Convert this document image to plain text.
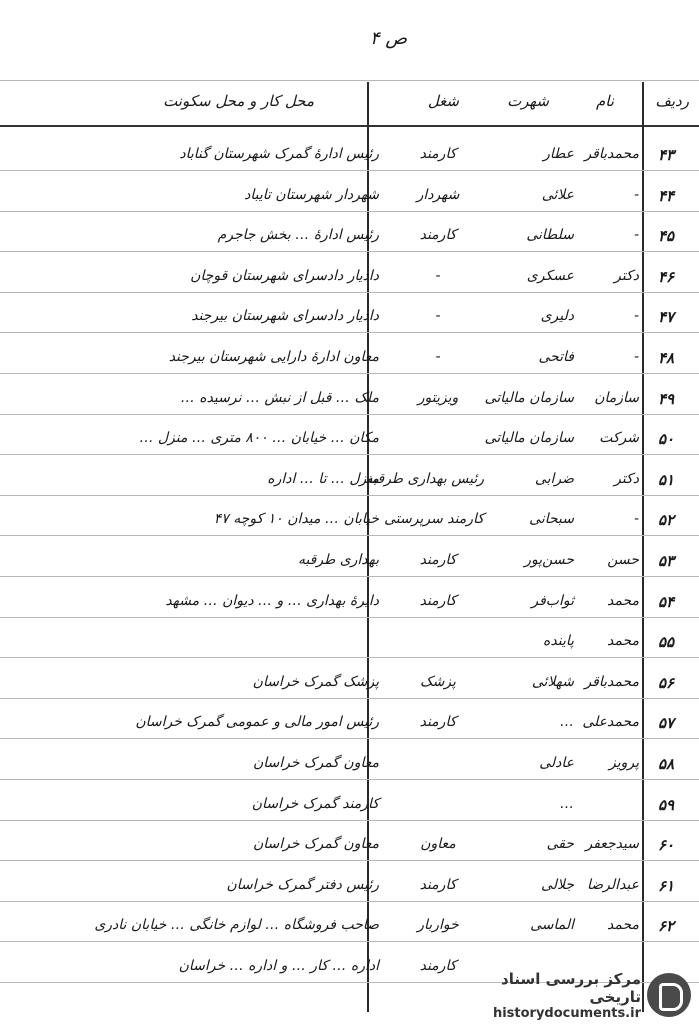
ص ۴
ردیف
نام
شهرت
شغل
محل کار و محل سکونت
۴۳
محمدباقر
عطار
کارمند
رئیس ادارهٔ گمرک شهرستان گناباد
۴۴
-
علائی
شهردار
شهردار شهرستان تایباد
۴۵
-
سلطانی
کارمند
رئیس ادارهٔ … بخش جاجرم
۴۶
دکتر
عسکری
-
دادیار دادسرای شهرستان قوچان
۴۷
-
دلیری
-
دادیار دادسرای شهرستان بیرجند
۴۸
-
فاتحی
-
معاون ادارهٔ دارایی شهرستان بیرجند
۴۹
سازمان
سازمان مالیاتی
ویزیتور
ملک … قبل از نبش … نرسیده …
۵۰
شرکت
سازمان مالیاتی
مکان … خیابان … ۸۰۰ متری … منزل …
۵۱
دکتر
ضرابی
رئیس بهداری طرقبه
منزل … تا … اداره
۵۲
-
سبحانی
کارمند سرپرستی
خیابان … میدان ۱۰ کوچه ۴۷
۵۳
حسن
حسن‌پور
کارمند
بهداری طرقبه
۵۴
محمد
ثواب‌فر
کارمند
دایرهٔ بهداری … و … دیوان … مشهد
۵۵
محمد
پاینده
۵۶
محمدباقر
شهلائی
پزشک
پزشک گمرک خراسان
۵۷
محمدعلی
…
کارمند
رئیس امور مالی و عمومی گمرک خراسان
۵۸
پرویز
عادلی
معاون گمرک خراسان
۵۹
…
کارمند گمرک خراسان
۶۰
سیدجعفر
حقی
معاون
معاون گمرک خراسان
۶۱
عبدالرضا
جلالی
کارمند
رئیس دفتر گمرک خراسان
۶۲
محمد
الماسی
خواربار
صاحب فروشگاه … لوازم خانگی … خیابان نادری
کارمند
اداره … کار … و اداره … خراسان
مرکز بررسی اسناد تاریخی
historydocuments.ir
